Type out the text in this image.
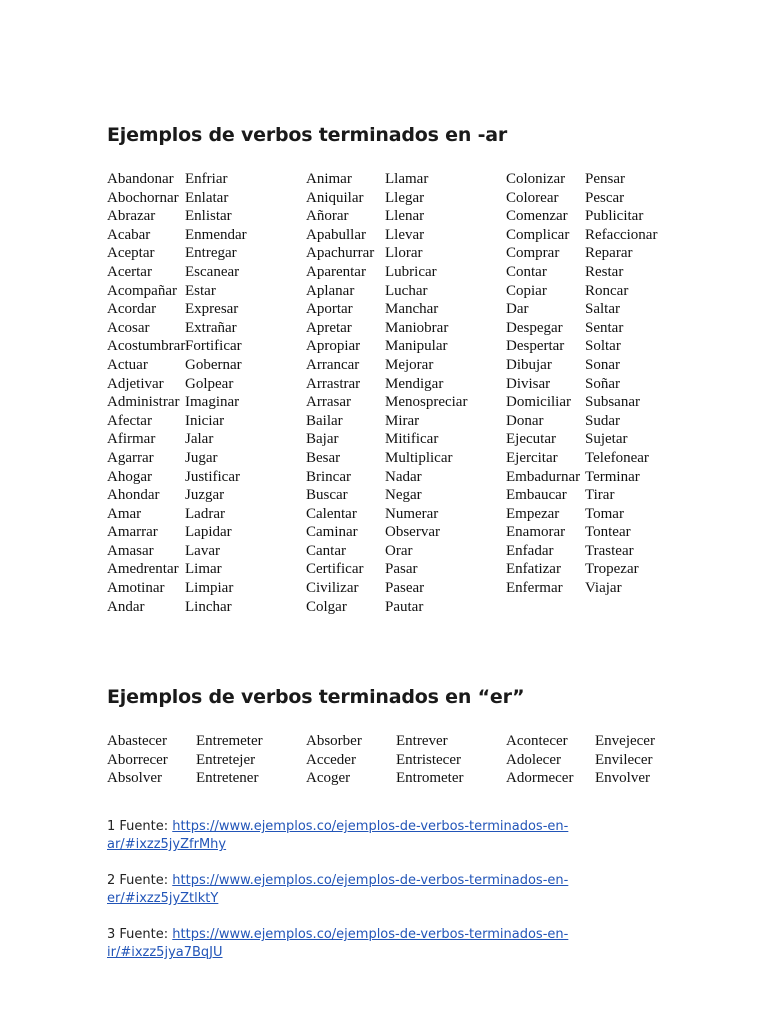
Ejemplos de verbos terminados en -ar
Abandonar
Abochornar
Abrazar
Acabar
Aceptar
Acertar
Acompañar
Acordar
Acosar
Acostumbrar
Actuar
Adjetivar
Administrar
Afectar
Afirmar
Agarrar
Ahogar
Ahondar
Amar
Amarrar
Amasar
Amedrentar
Amotinar
Andar
Enfriar
Enlatar
Enlistar
Enmendar
Entregar
Escanear
Estar
Expresar
Extrañar
Fortificar
Gobernar
Golpear
Imaginar
Iniciar
Jalar
Jugar
Justificar
Juzgar
Ladrar
Lapidar
Lavar
Limar
Limpiar
Linchar
Animar
Aniquilar
Añorar
Apabullar
Apachurrar
Aparentar
Aplanar
Aportar
Apretar
Apropiar
Arrancar
Arrastrar
Arrasar
Bailar
Bajar
Besar
Brincar
Buscar
Calentar
Caminar
Cantar
Certificar
Civilizar
Colgar
Llamar
Llegar
Llenar
Llevar
Llorar
Lubricar
Luchar
Manchar
Maniobrar
Manipular
Mejorar
Mendigar
Menospreciar
Mirar
Mitificar
Multiplicar
Nadar
Negar
Numerar
Observar
Orar
Pasar
Pasear
Pautar
Colonizar
Colorear
Comenzar
Complicar
Comprar
Contar
Copiar
Dar
Despegar
Despertar
Dibujar
Divisar
Domiciliar
Donar
Ejecutar
Ejercitar
Embadurnar
Embaucar
Empezar
Enamorar
Enfadar
Enfatizar
Enfermar
Pensar
Pescar
Publicitar
Refaccionar
Reparar
Restar
Roncar
Saltar
Sentar
Soltar
Sonar
Soñar
Subsanar
Sudar
Sujetar
Telefonear
Terminar
Tirar
Tomar
Tontear
Trastear
Tropezar
Viajar
Ejemplos de verbos terminados en “er”
Abastecer
Aborrecer
Absolver
Entremeter
Entretejer
Entretener
Absorber
Acceder
Acoger
Entrever
Entristecer
Entrometer
Acontecer
Adolecer
Adormecer
Envejecer
Envilecer
Envolver
1 Fuente: https://www.ejemplos.co/ejemplos-de-verbos-terminados-en-ar/#ixzz5jyZfrMhy
2 Fuente: https://www.ejemplos.co/ejemplos-de-verbos-terminados-en-er/#ixzz5jyZtlktY
3 Fuente: https://www.ejemplos.co/ejemplos-de-verbos-terminados-en-ir/#ixzz5jya7BqJU
